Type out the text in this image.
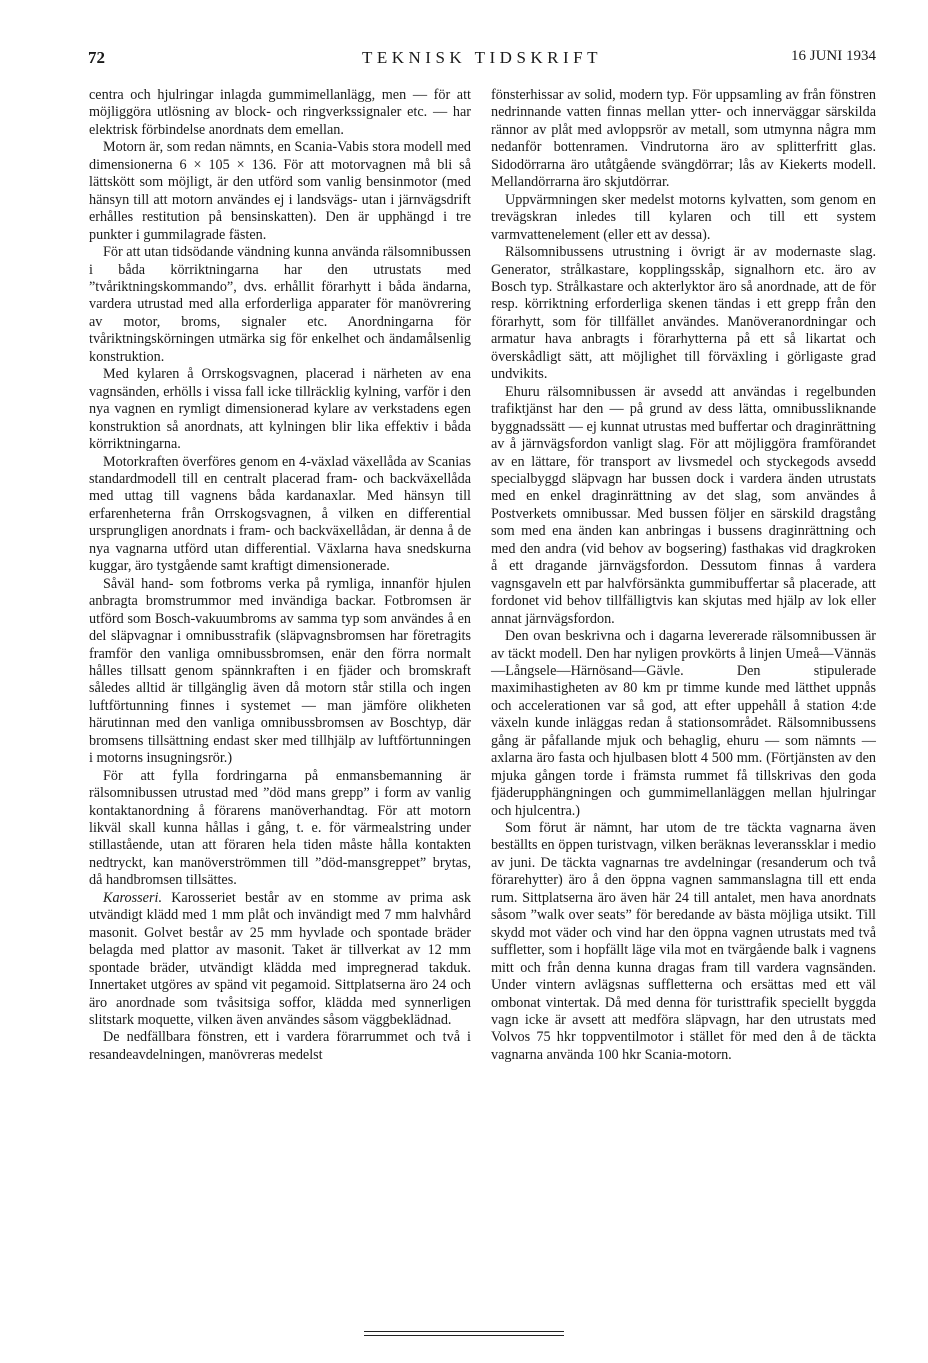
72	TEKNISK TIDSKRIFT	16 JUNI 1934

centra och hjulringar inlagda gummimellanlägg, men — för att möjliggöra utlösning av block- och ringverkssignaler etc. — har elektrisk förbindelse anordnats dem emellan.

Motorn är, som redan nämnts, en Scania-Vabis stora modell med dimensionerna 6 × 105 × 136. För att motorvagnen må bli så lättskött som möjligt, är den utförd som vanlig bensinmotor (med hänsyn till att motorn användes ej i landsvägs- utan i järnvägsdrift erhålles restitution på bensinskatten). Den är upphängd i tre punkter i gummilagrade fästen.

För att utan tidsödande vändning kunna använda rälsomnibussen i båda körriktningarna har den utrustats med ”tvåriktningskommando”, dvs. erhållit förarhytt i båda ändarna, vardera utrustad med alla erforderliga apparater för manövrering av motor, broms, signaler etc. Anordningarna för tvåriktningskörningen utmärka sig för enkelhet och ändamålsenlig konstruktion.

Med kylaren å Orrskogsvagnen, placerad i närheten av ena vagnsänden, erhölls i vissa fall icke tillräcklig kylning, varför i den nya vagnen en rymligt dimensionerad kylare av verkstadens egen konstruktion så anordnats, att kylningen blir lika effektiv i båda körriktningarna.

Motorkraften överföres genom en 4-växlad växellåda av Scanias standardmodell till en centralt placerad fram- och backväxellåda med uttag till vagnens båda kardanaxlar. Med hänsyn till erfarenheterna från Orrskogsvagnen, å vilken en differential ursprungligen anordnats i fram- och backväxellådan, är denna å de nya vagnarna utförd utan differential. Växlarna hava snedskurna kuggar, äro tystgående samt kraftigt dimensionerade.

Såväl hand- som fotbroms verka på rymliga, innanför hjulen anbragta bromstrummor med invändiga backar. Fotbromsen är utförd som Bosch-vakuumbroms av samma typ som användes å en del släpvagnar i omnibusstrafik (släpvagnsbromsen har företragits framför den vanliga omnibussbromsen, enär den förra normalt hålles tillsatt genom spännkraften i en fjäder och bromskraft således alltid är tillgänglig även då motorn står stilla och ingen luftförtunning finnes i systemet — man jämföre olikheten härutinnan med den vanliga omnibussbromsen av Boschtyp, där bromsens tillsättning endast sker med tillhjälp av luftförtunningen i motorns insugningsrör.)

För att fylla fordringarna på enmansbemanning är rälsomnibussen utrustad med ”död mans grepp” i form av vanlig kontaktanordning å förarens manöverhandtag. För att motorn likväl skall kunna hållas i gång, t. e. för värmealstring under stillastående, utan att föraren hela tiden måste hålla kontakten nedtryckt, kan manöverströmmen till ”död-mansgreppet” brytas, då handbromsen tillsättes.

Karosseri. Karosseriet består av en stomme av prima ask utvändigt klädd med 1 mm plåt och invändigt med 7 mm halvhård masonit. Golvet består av 25 mm hyvlade och spontade bräder belagda med plattor av masonit. Taket är tillverkat av 12 mm spontade bräder, utvändigt klädda med impregnerad takduk. Innertaket utgöres av spänd vit pegamoid. Sittplatserna äro 24 och äro anordnade som tvåsitsiga soffor, klädda med synnerligen slitstark moquette, vilken även användes såsom väggbeklädnad.

De nedfällbara fönstren, ett i vardera förarrummet och två i resandeavdelningen, manövreras medelst

fönsterhissar av solid, modern typ. För uppsamling av från fönstren nedrinnande vatten finnas mellan ytter- och innerväggar särskilda rännor av plåt med avloppsrör av metall, som utmynna några mm nedanför bottenramen. Vindrutorna äro av splitterfritt glas. Sidodörrarna äro utåtgående svängdörrar; lås av Kiekerts modell. Mellandörrarna äro skjutdörrar.

Uppvärmningen sker medelst motorns kylvatten, som genom en trevägskran inledes till kylaren och till ett system varmvattenelement (eller ett av dessa).

Rälsomnibussens utrustning i övrigt är av modernaste slag. Generator, strålkastare, kopplingsskåp, signalhorn etc. äro av Bosch typ. Strålkastare och akterlyktor äro så anordnade, att de för resp. körriktning erforderliga skenen tändas i ett grepp från den förarhytt, som för tillfället användes. Manöveranordningar och armatur hava anbragts i förarhytterna på ett så likartat och överskådligt sätt, att möjlighet till förväxling i görligaste grad undvikits.

Ehuru rälsomnibussen är avsedd att användas i regelbunden trafiktjänst har den — på grund av dess lätta, omnibussliknande byggnadssätt — ej kunnat utrustas med buffertar och draginrättning av å järnvägsfordon vanligt slag. För att möjliggöra framförandet av en lättare, för transport av livsmedel och styckegods avsedd specialbyggd släpvagn har bussen dock i vardera änden utrustats med en enkel draginrättning av det slag, som användes å Postverkets omnibussar. Med bussen följer en särskild dragstång som med ena änden kan anbringas i bussens draginrättning och med den andra (vid behov av bogsering) fasthakas vid dragkroken å ett dragande järnvägsfordon. Dessutom finnas å vardera vagnsgaveln ett par halvförsänkta gummibuffertar så placerade, att fordonet vid behov tillfälligtvis kan skjutas med hjälp av lok eller annat järnvägsfordon.

Den ovan beskrivna och i dagarna levererade rälsomnibussen är av täckt modell. Den har nyligen provkörts å linjen Umeå—Vännäs—Långsele—Härnösand—Gävle. Den stipulerade maximihastigheten av 80 km pr timme kunde med lätthet uppnås och accelerationen var så god, att efter uppehåll å station 4:de växeln kunde inläggas redan å stationsområdet. Rälsomnibussens gång är påfallande mjuk och behaglig, ehuru — som nämnts — axlarna äro fasta och hjulbasen blott 4 500 mm. (Förtjänsten av den mjuka gången torde i främsta rummet få tillskrivas den goda fjäderupphängningen och gummimellanläggen mellan hjulringar och hjulcentra.)

Som förut är nämnt, har utom de tre täckta vagnarna även beställts en öppen turistvagn, vilken beräknas leveranssklar i medio av juni. De täckta vagnarnas tre avdelningar (resanderum och två förarehytter) äro å den öppna vagnen sammanslagna till ett enda rum. Sittplatserna äro även här 24 till antalet, men hava anordnats såsom ”walk over seats” för beredande av bästa möjliga utsikt. Till skydd mot väder och vind har den öppna vagnen utrustats med två suffletter, som i hopfällt läge vila mot en tvärgående balk i vagnens mitt och från denna kunna dragas fram till vardera vagnsänden. Under vintern avlägsnas suffletterna och ersättas med ett väl ombonat vintertak. Då med denna för turisttrafik speciellt byggda vagn icke är avsett att medföra släpvagn, har den utrustats med Volvos 75 hkr toppventilmotor i stället för med den å de täckta vagnarna använda 100 hkr Scania-motorn.
